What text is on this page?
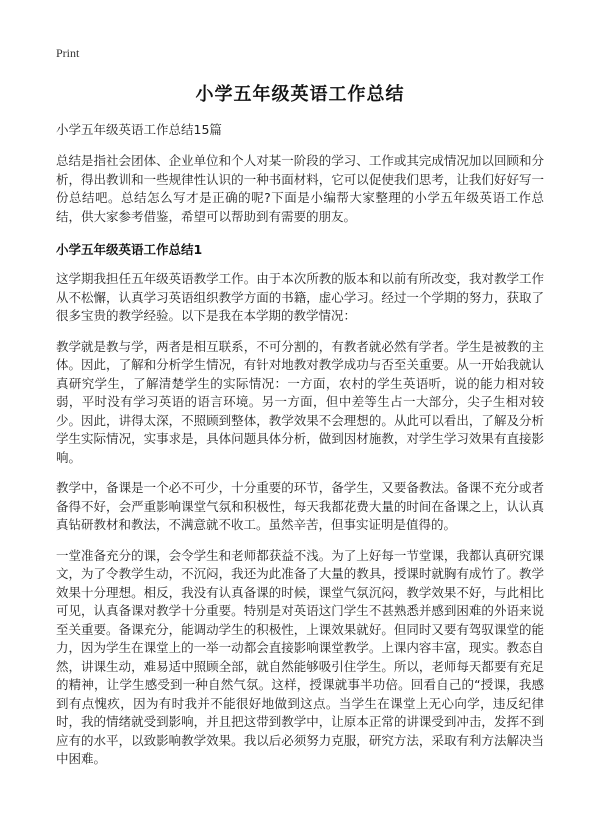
Print
小学五年级英语工作总结
小学五年级英语工作总结15篇

总结是指社会团体、企业单位和个人对某一阶段的学习、工作或其完成情况加以回顾和分析，得出教训和一些规律性认识的一种书面材料，它可以促使我们思考，让我们好好写一份总结吧。总结怎么写才是正确的呢?下面是小编帮大家整理的小学五年级英语工作总结，供大家参考借鉴，希望可以帮助到有需要的朋友。

小学五年级英语工作总结1

这学期我担任五年级英语教学工作。由于本次所教的版本和以前有所改变，我对教学工作从不松懈，认真学习英语组织教学方面的书籍，虚心学习。经过一个学期的努力，获取了很多宝贵的教学经验。以下是我在本学期的教学情况：

教学就是教与学，两者是相互联系，不可分割的，有教者就必然有学者。学生是被教的主体。因此，了解和分析学生情况，有针对地教对教学成功与否至关重要。从一开始我就认真研究学生，了解清楚学生的实际情况：一方面，农村的学生英语听，说的能力相对较弱，平时没有学习英语的语言环境。另一方面，但中差等生占一大部分，尖子生相对较少。因此，讲得太深，不照顾到整体，教学效果不会理想的。从此可以看出，了解及分析学生实际情况，实事求是，具体问题具体分析，做到因材施教，对学生学习效果有直接影响。

教学中，备课是一个必不可少，十分重要的环节，备学生，又要备教法。备课不充分或者备得不好，会严重影响课堂气氛和积极性，每天我都花费大量的时间在备课之上，认认真真钻研教材和教法，不满意就不收工。虽然辛苦，但事实证明是值得的。

一堂准备充分的课，会令学生和老师都获益不浅。为了上好每一节堂课，我都认真研究课文，为了令教学生动，不沉闷，我还为此准备了大量的教具，授课时就胸有成竹了。教学效果十分理想。相反，我没有认真备课的时候，课堂气氛沉闷，教学效果不好，与此相比可见，认真备课对教学十分重要。特别是对英语这门学生不甚熟悉并感到困难的外语来说至关重要。备课充分，能调动学生的积极性，上课效果就好。但同时又要有驾驭课堂的能力，因为学生在课堂上的一举一动都会直接影响课堂教学。上课内容丰富，现实。教态自然，讲课生动，难易适中照顾全部，就自然能够吸引住学生。所以，老师每天都要有充足的精神，让学生感受到一种自然气氛。这样，授课就事半功倍。回看自己的“授课，我感到有点愧疚，因为有时我并不能很好地做到这点。当学生在课堂上无心向学，违反纪律时，我的情绪就受到影响，并且把这带到教学中，让原本正常的讲课受到冲击，发挥不到应有的水平，以致影响教学效果。我以后必须努力克服，研究方法，采取有利方法解决当中困难。
